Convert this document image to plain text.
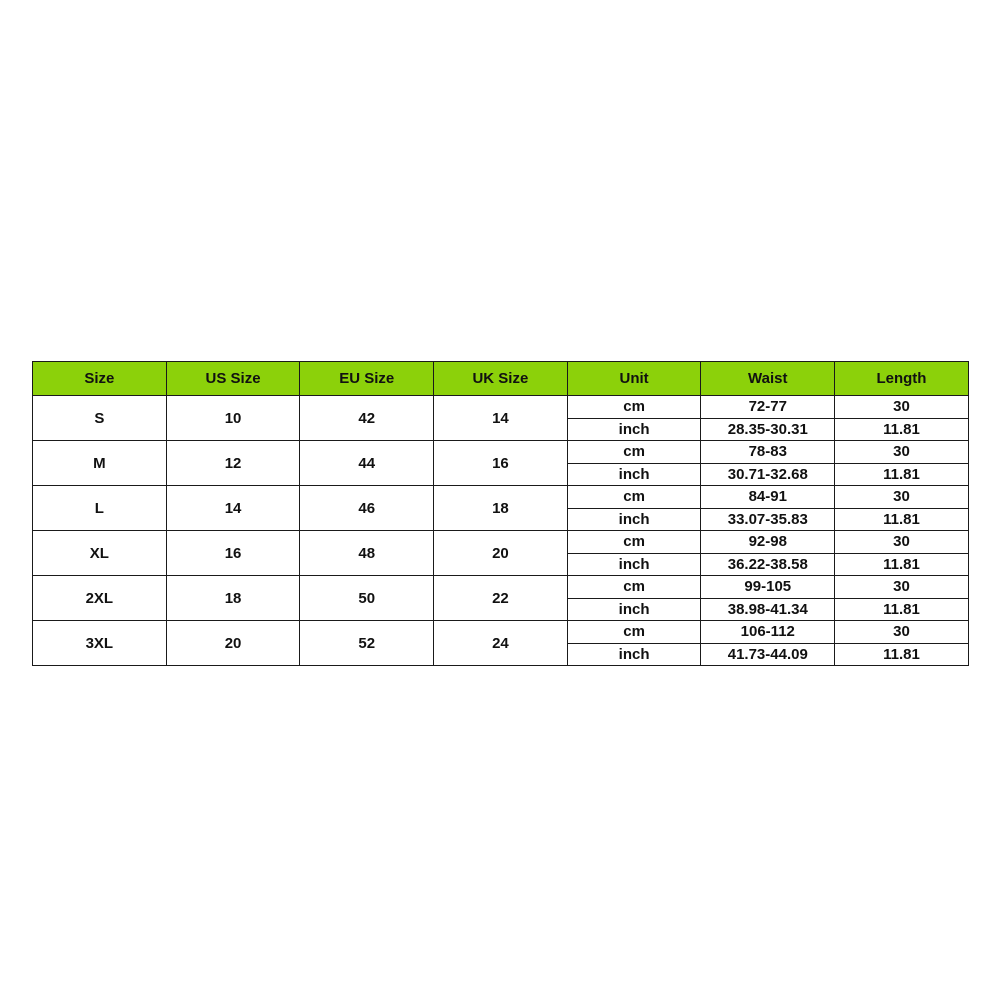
Size	US Size	EU Size	UK Size	Unit	Waist	Length
S	10	42	14	cm	72-77	30
				inch	28.35-30.31	11.81
M	12	44	16	cm	78-83	30
				inch	30.71-32.68	11.81
L	14	46	18	cm	84-91	30
				inch	33.07-35.83	11.81
XL	16	48	20	cm	92-98	30
				inch	36.22-38.58	11.81
2XL	18	50	22	cm	99-105	30
				inch	38.98-41.34	11.81
3XL	20	52	24	cm	106-112	30
				inch	41.73-44.09	11.81
